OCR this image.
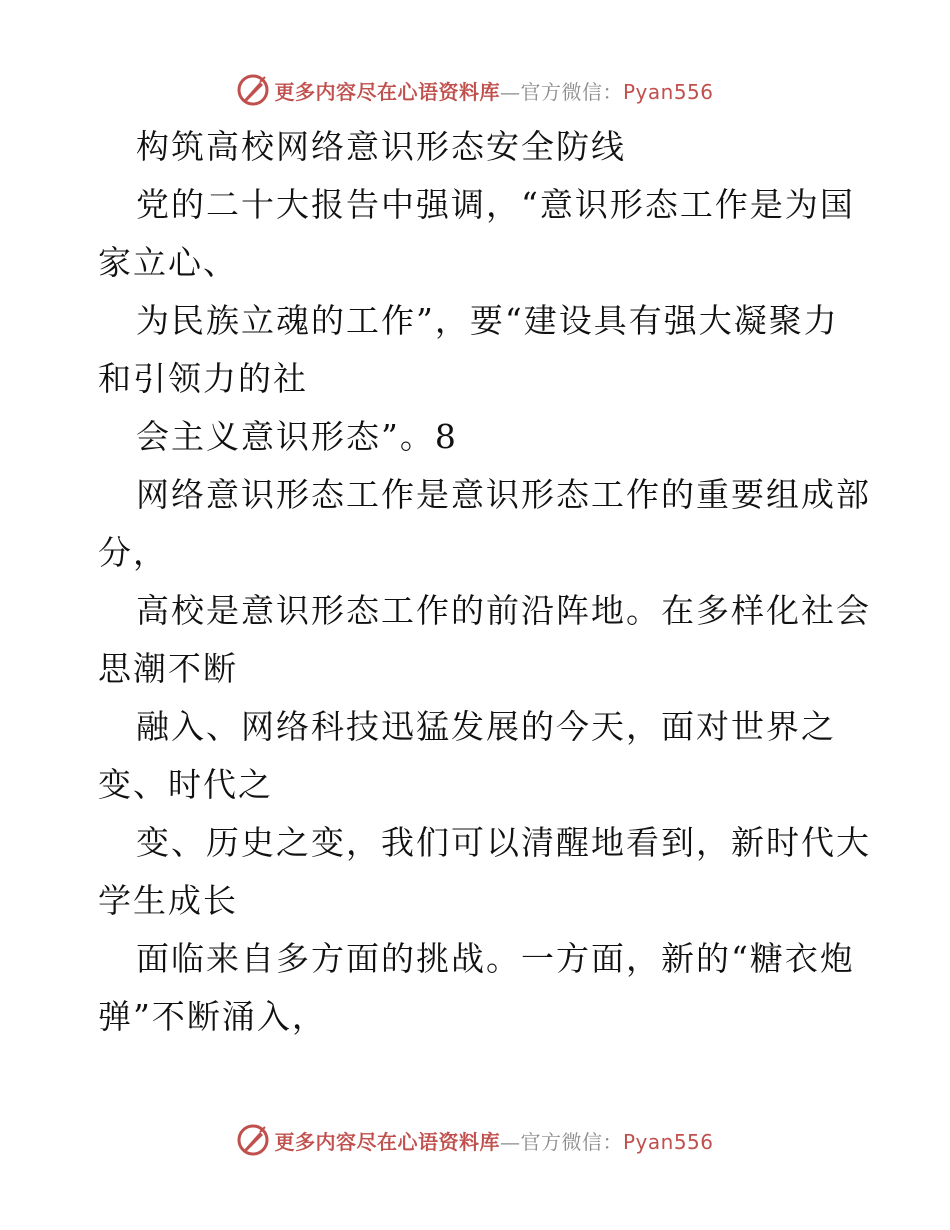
更多内容尽在心语资料库—官方微信：Pyan556
构筑高校网络意识形态安全防线
党的二十大报告中强调，“意识形态工作是为国
家立心、
为民族立魂的工作”，要“建设具有强大凝聚力
和引领力的社
会主义意识形态”。8
网络意识形态工作是意识形态工作的重要组成部
分，
高校是意识形态工作的前沿阵地。在多样化社会
思潮不断
融入、网络科技迅猛发展的今天，面对世界之
变、时代之
变、历史之变，我们可以清醒地看到，新时代大
学生成长
面临来自多方面的挑战。一方面，新的“糖衣炮
弹”不断涌入，
更多内容尽在心语资料库—官方微信：Pyan556
